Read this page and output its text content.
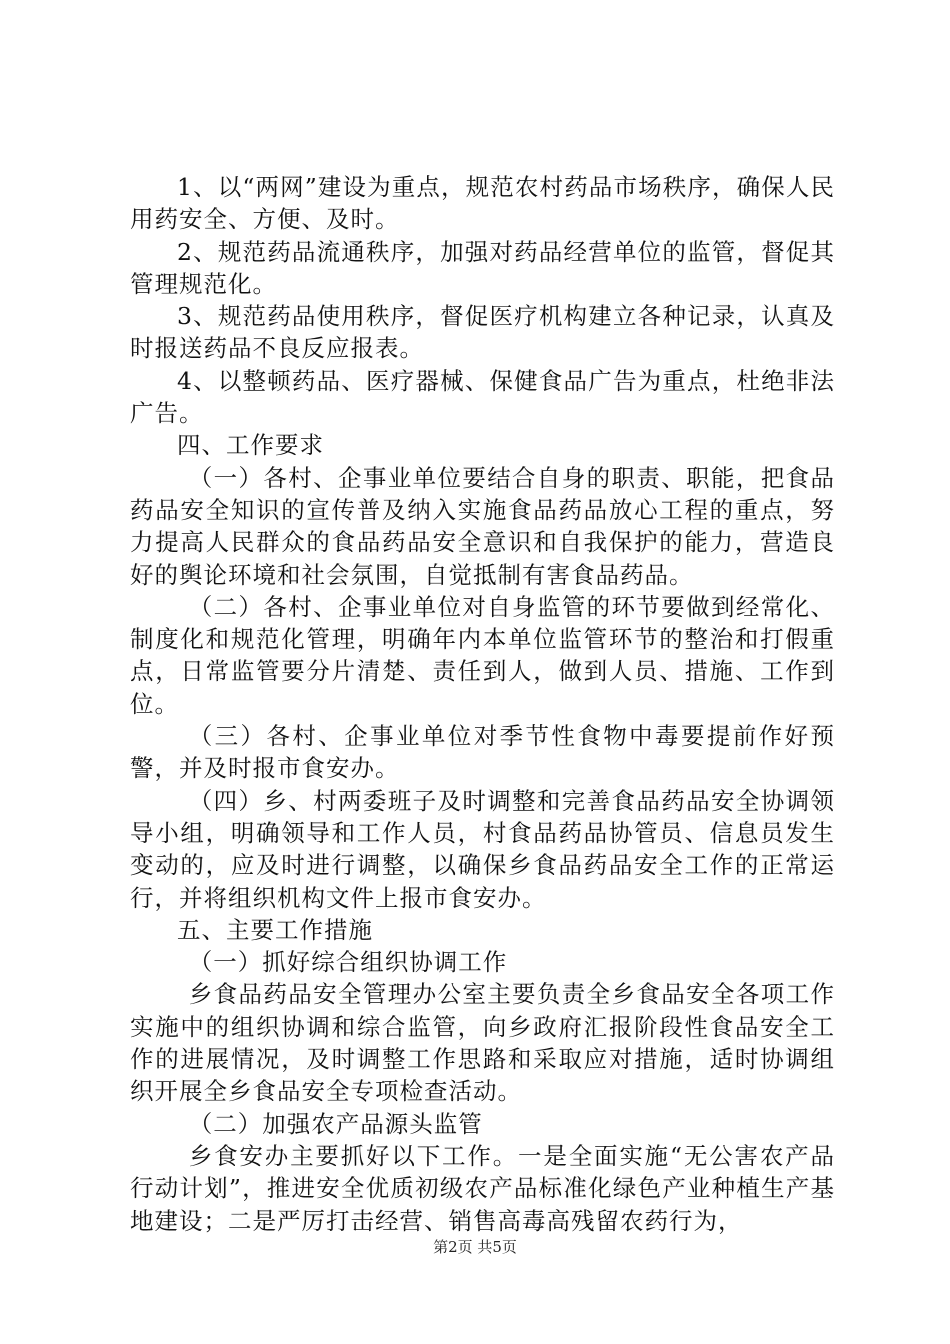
1、以“两网”建设为重点，规范农村药品市场秩序，确保人民用药安全、方便、及时。

2、规范药品流通秩序，加强对药品经营单位的监管，督促其管理规范化。

3、规范药品使用秩序，督促医疗机构建立各种记录，认真及时报送药品不良反应报表。

4、以整顿药品、医疗器械、保健食品广告为重点，杜绝非法广告。

四、工作要求

（一）各村、企事业单位要结合自身的职责、职能，把食品药品安全知识的宣传普及纳入实施食品药品放心工程的重点，努力提高人民群众的食品药品安全意识和自我保护的能力，营造良好的舆论环境和社会氛围，自觉抵制有害食品药品。

（二）各村、企事业单位对自身监管的环节要做到经常化、制度化和规范化管理，明确年内本单位监管环节的整治和打假重点，日常监管要分片清楚、责任到人，做到人员、措施、工作到位。

（三）各村、企事业单位对季节性食物中毒要提前作好预警，并及时报市食安办。

（四）乡、村两委班子及时调整和完善食品药品安全协调领导小组，明确领导和工作人员，村食品药品协管员、信息员发生变动的，应及时进行调整，以确保乡食品药品安全工作的正常运行，并将组织机构文件上报市食安办。

五、主要工作措施

（一）抓好综合组织协调工作

乡食品药品安全管理办公室主要负责全乡食品安全各项工作实施中的组织协调和综合监管，向乡政府汇报阶段性食品安全工作的进展情况，及时调整工作思路和采取应对措施，适时协调组织开展全乡食品安全专项检查活动。

（二）加强农产品源头监管

乡食安办主要抓好以下工作。一是全面实施“无公害农产品行动计划”，推进安全优质初级农产品标准化绿色产业种植生产基地建设；二是严厉打击经营、销售高毒高残留农药行为，

第2页 共5页
